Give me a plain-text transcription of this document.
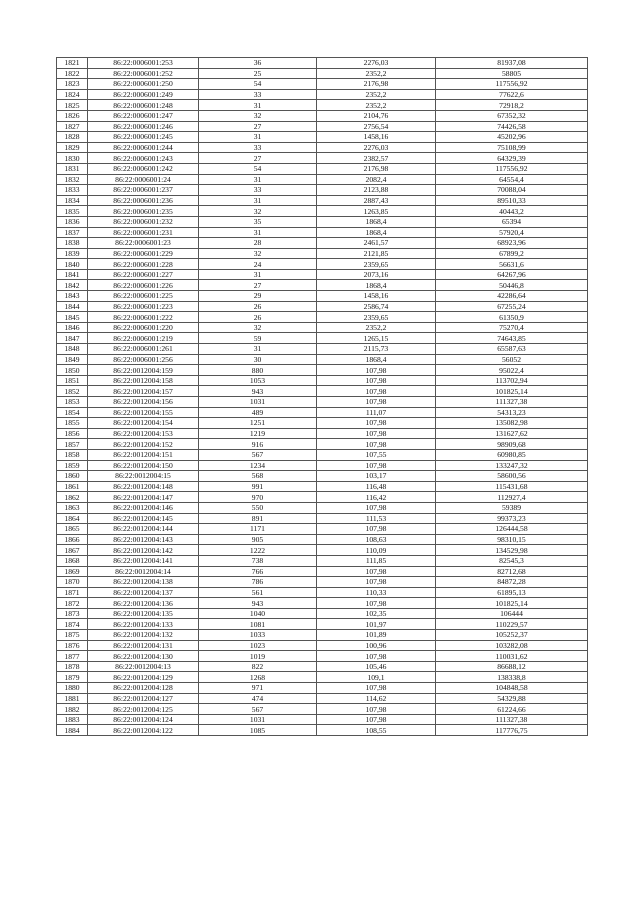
1821	86:22:0006001:253	36	2276,03	81937,08
1822	86:22:0006001:252	25	2352,2	58805
1823	86:22:0006001:250	54	2176,98	117556,92
1824	86:22:0006001:249	33	2352,2	77622,6
1825	86:22:0006001:248	31	2352,2	72918,2
1826	86:22:0006001:247	32	2104,76	67352,32
1827	86:22:0006001:246	27	2756,54	74426,58
1828	86:22:0006001:245	31	1458,16	45202,96
1829	86:22:0006001:244	33	2276,03	75108,99
1830	86:22:0006001:243	27	2382,57	64329,39
1831	86:22:0006001:242	54	2176,98	117556,92
1832	86:22:0006001:24	31	2082,4	64554,4
1833	86:22:0006001:237	33	2123,88	70088,04
1834	86:22:0006001:236	31	2887,43	89510,33
1835	86:22:0006001:235	32	1263,85	40443,2
1836	86:22:0006001:232	35	1868,4	65394
1837	86:22:0006001:231	31	1868,4	57920,4
1838	86:22:0006001:23	28	2461,57	68923,96
1839	86:22:0006001:229	32	2121,85	67899,2
1840	86:22:0006001:228	24	2359,65	56631,6
1841	86:22:0006001:227	31	2073,16	64267,96
1842	86:22:0006001:226	27	1868,4	50446,8
1843	86:22:0006001:225	29	1458,16	42286,64
1844	86:22:0006001:223	26	2586,74	67255,24
1845	86:22:0006001:222	26	2359,65	61350,9
1846	86:22:0006001:220	32	2352,2	75270,4
1847	86:22:0006001:219	59	1265,15	74643,85
1848	86:22:0006001:261	31	2115,73	65587,63
1849	86:22:0006001:256	30	1868,4	56052
1850	86:22:0012004:159	880	107,98	95022,4
1851	86:22:0012004:158	1053	107,98	113702,94
1852	86:22:0012004:157	943	107,98	101825,14
1853	86:22:0012004:156	1031	107,98	111327,38
1854	86:22:0012004:155	489	111,07	54313,23
1855	86:22:0012004:154	1251	107,98	135082,98
1856	86:22:0012004:153	1219	107,98	131627,62
1857	86:22:0012004:152	916	107,98	98909,68
1858	86:22:0012004:151	567	107,55	60980,85
1859	86:22:0012004:150	1234	107,98	133247,32
1860	86:22:0012004:15	568	103,17	58600,56
1861	86:22:0012004:148	991	116,48	115431,68
1862	86:22:0012004:147	970	116,42	112927,4
1863	86:22:0012004:146	550	107,98	59389
1864	86:22:0012004:145	891	111,53	99373,23
1865	86:22:0012004:144	1171	107,98	126444,58
1866	86:22:0012004:143	905	108,63	98310,15
1867	86:22:0012004:142	1222	110,09	134529,98
1868	86:22:0012004:141	738	111,85	82545,3
1869	86:22:0012004:14	766	107,98	82712,68
1870	86:22:0012004:138	786	107,98	84872,28
1871	86:22:0012004:137	561	110,33	61895,13
1872	86:22:0012004:136	943	107,98	101825,14
1873	86:22:0012004:135	1040	102,35	106444
1874	86:22:0012004:133	1081	101,97	110229,57
1875	86:22:0012004:132	1033	101,89	105252,37
1876	86:22:0012004:131	1023	100,96	103282,08
1877	86:22:0012004:130	1019	107,98	110031,62
1878	86:22:0012004:13	822	105,46	86688,12
1879	86:22:0012004:129	1268	109,1	138338,8
1880	86:22:0012004:128	971	107,98	104848,58
1881	86:22:0012004:127	474	114,62	54329,88
1882	86:22:0012004:125	567	107,98	61224,66
1883	86:22:0012004:124	1031	107,98	111327,38
1884	86:22:0012004:122	1085	108,55	117776,75
